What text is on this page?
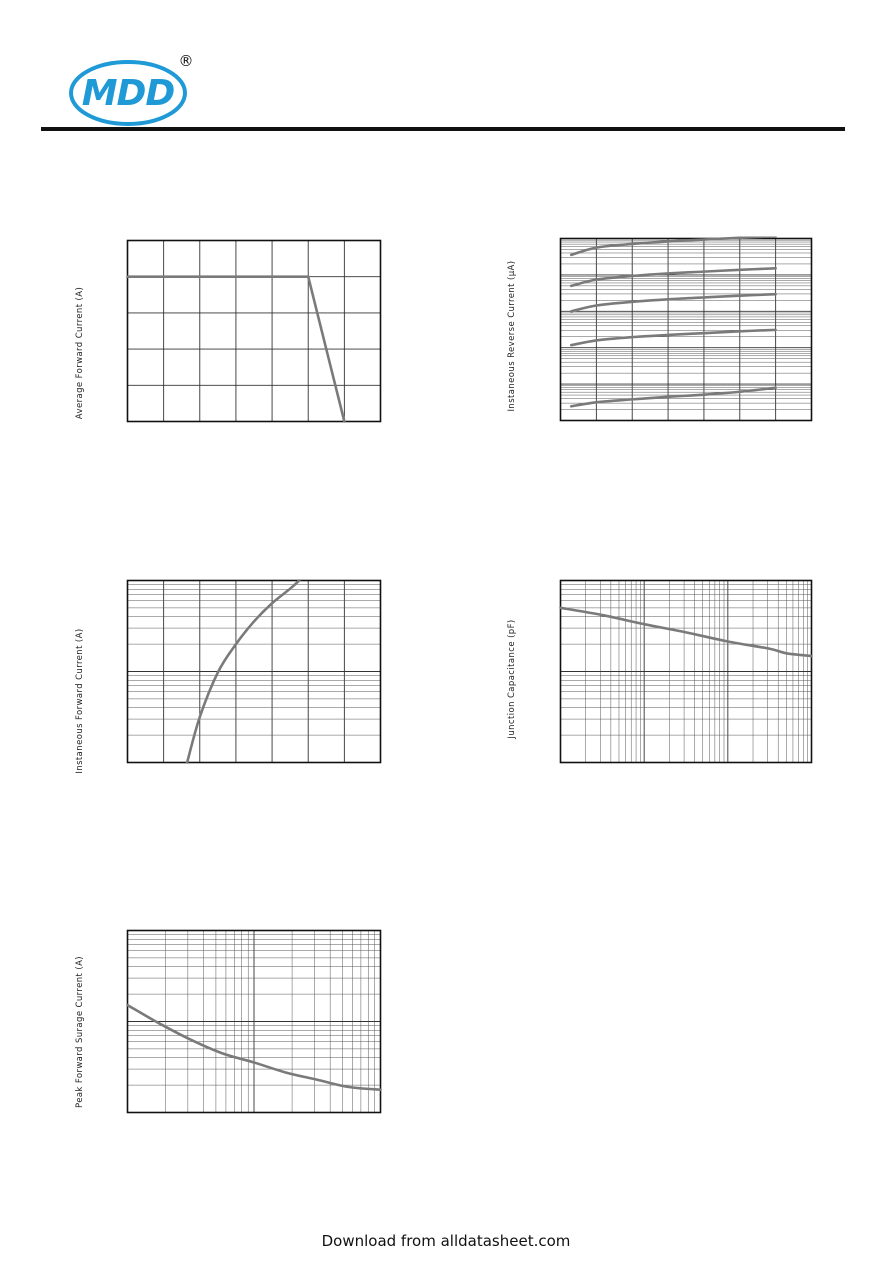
MDD
®
Average Forward Current (A)	Instaneous Reverse Current (µA)
Instaneous Forward Current (A)	Junction Capacitance (pF)
Peak Forward Surage Current (A)
Download from alldatasheet.com
